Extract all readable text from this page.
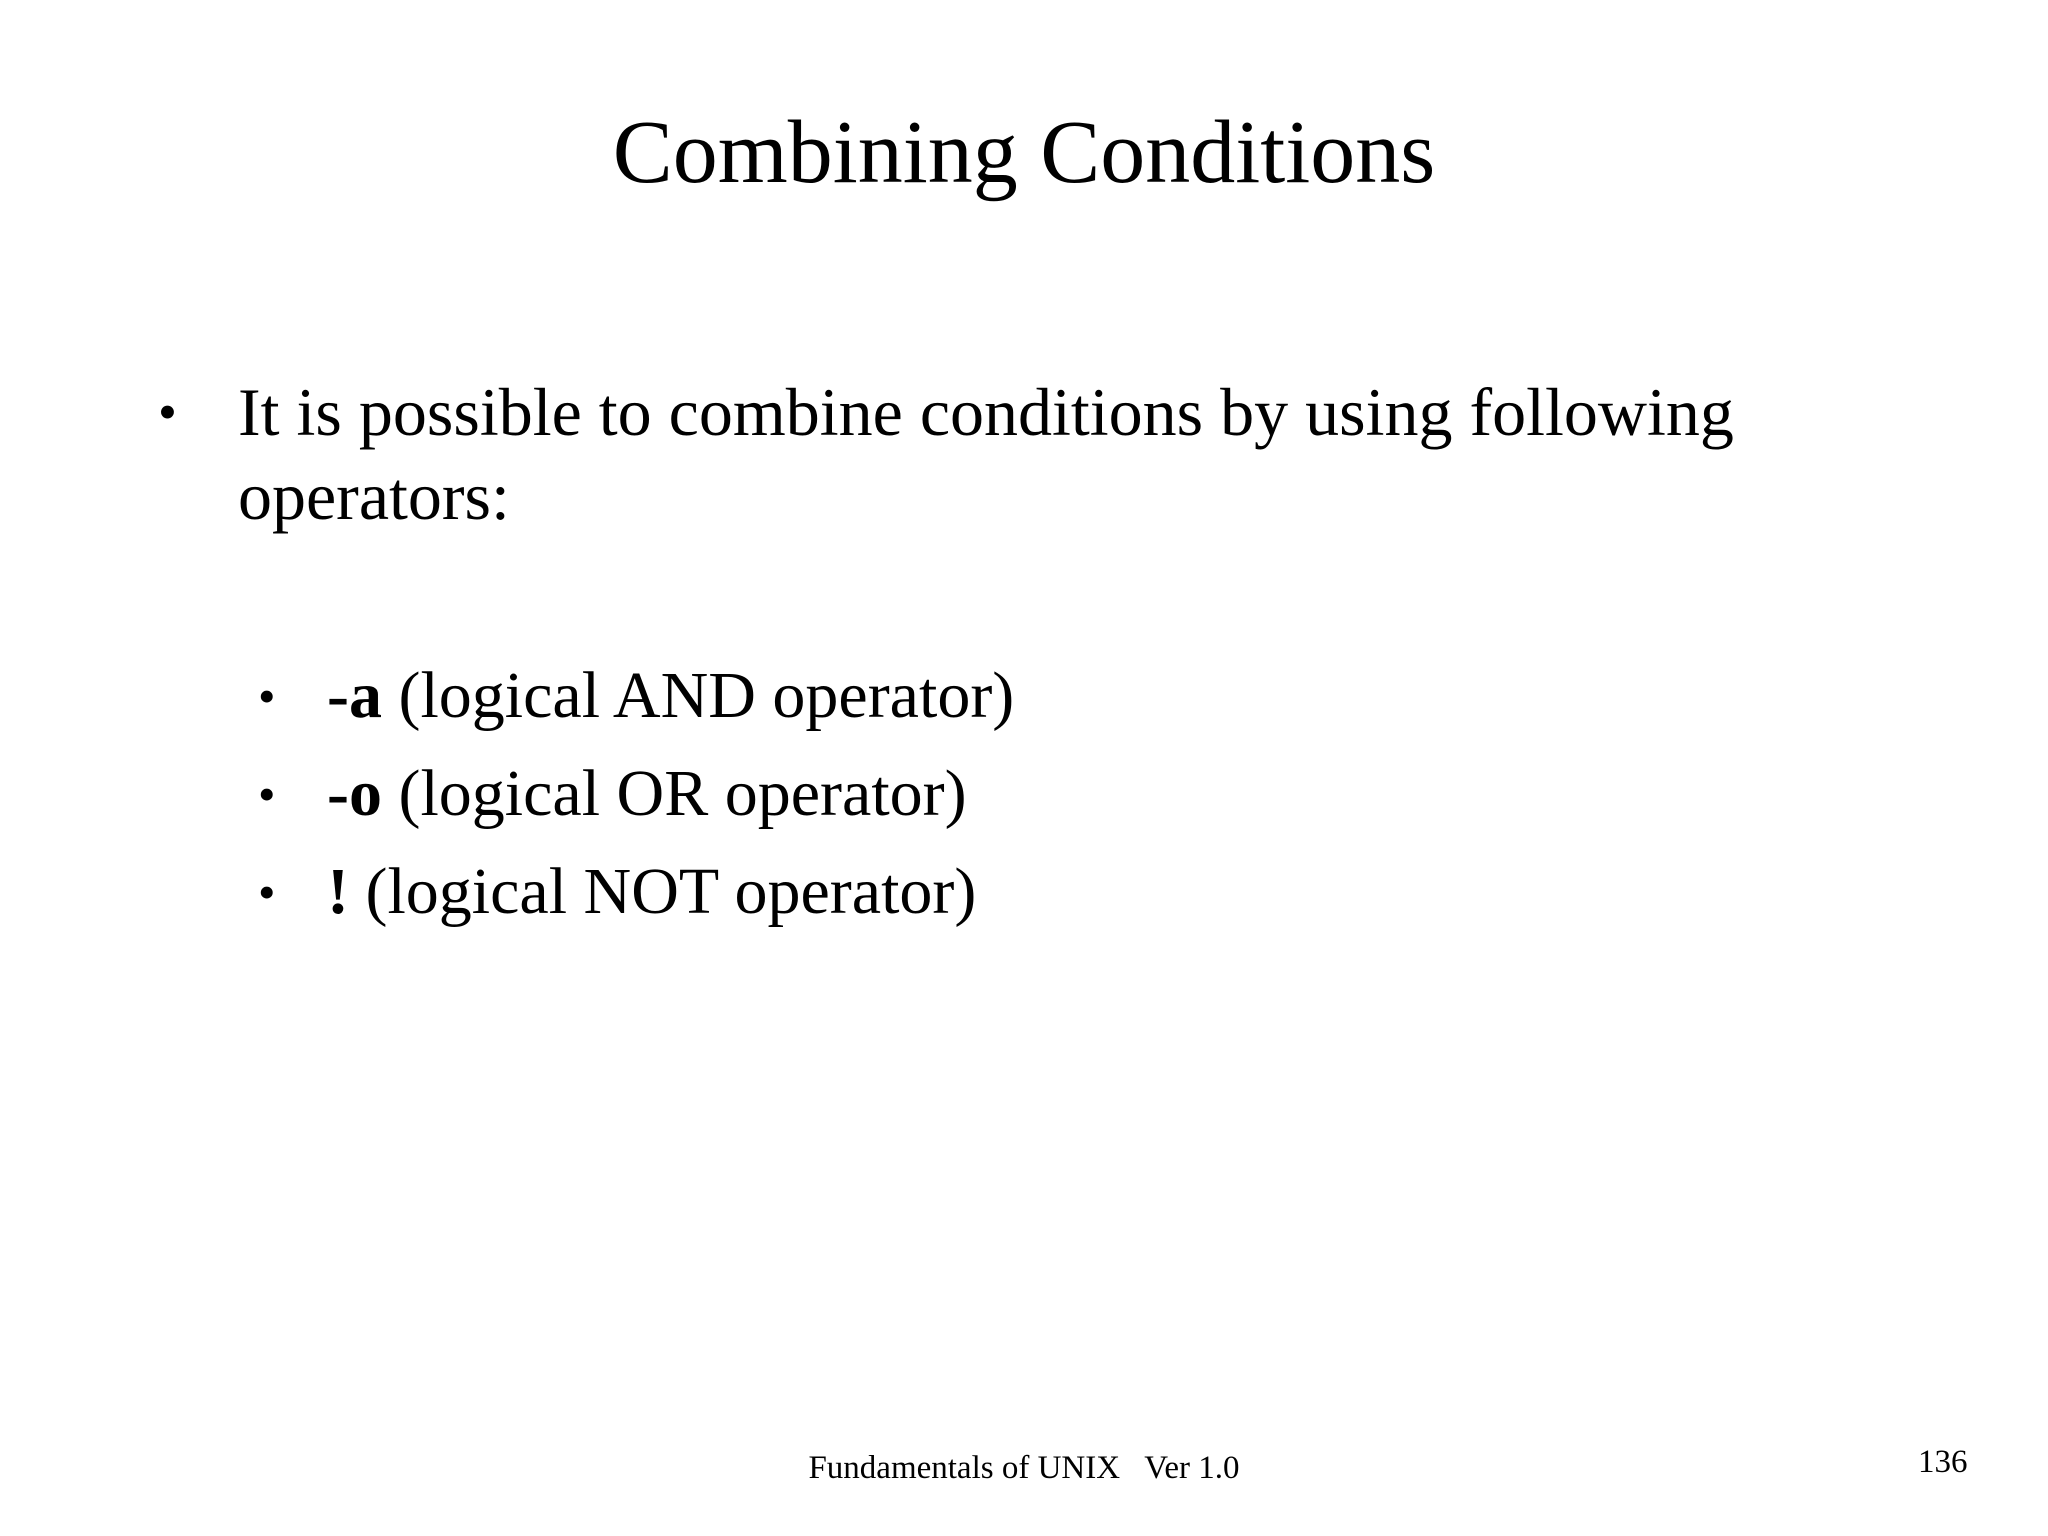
Combining Conditions
• It is possible to combine conditions by using following operators:
• -a (logical AND operator)
• -o (logical OR operator)
• ! (logical NOT operator)
Fundamentals of UNIX   Ver 1.0	136
